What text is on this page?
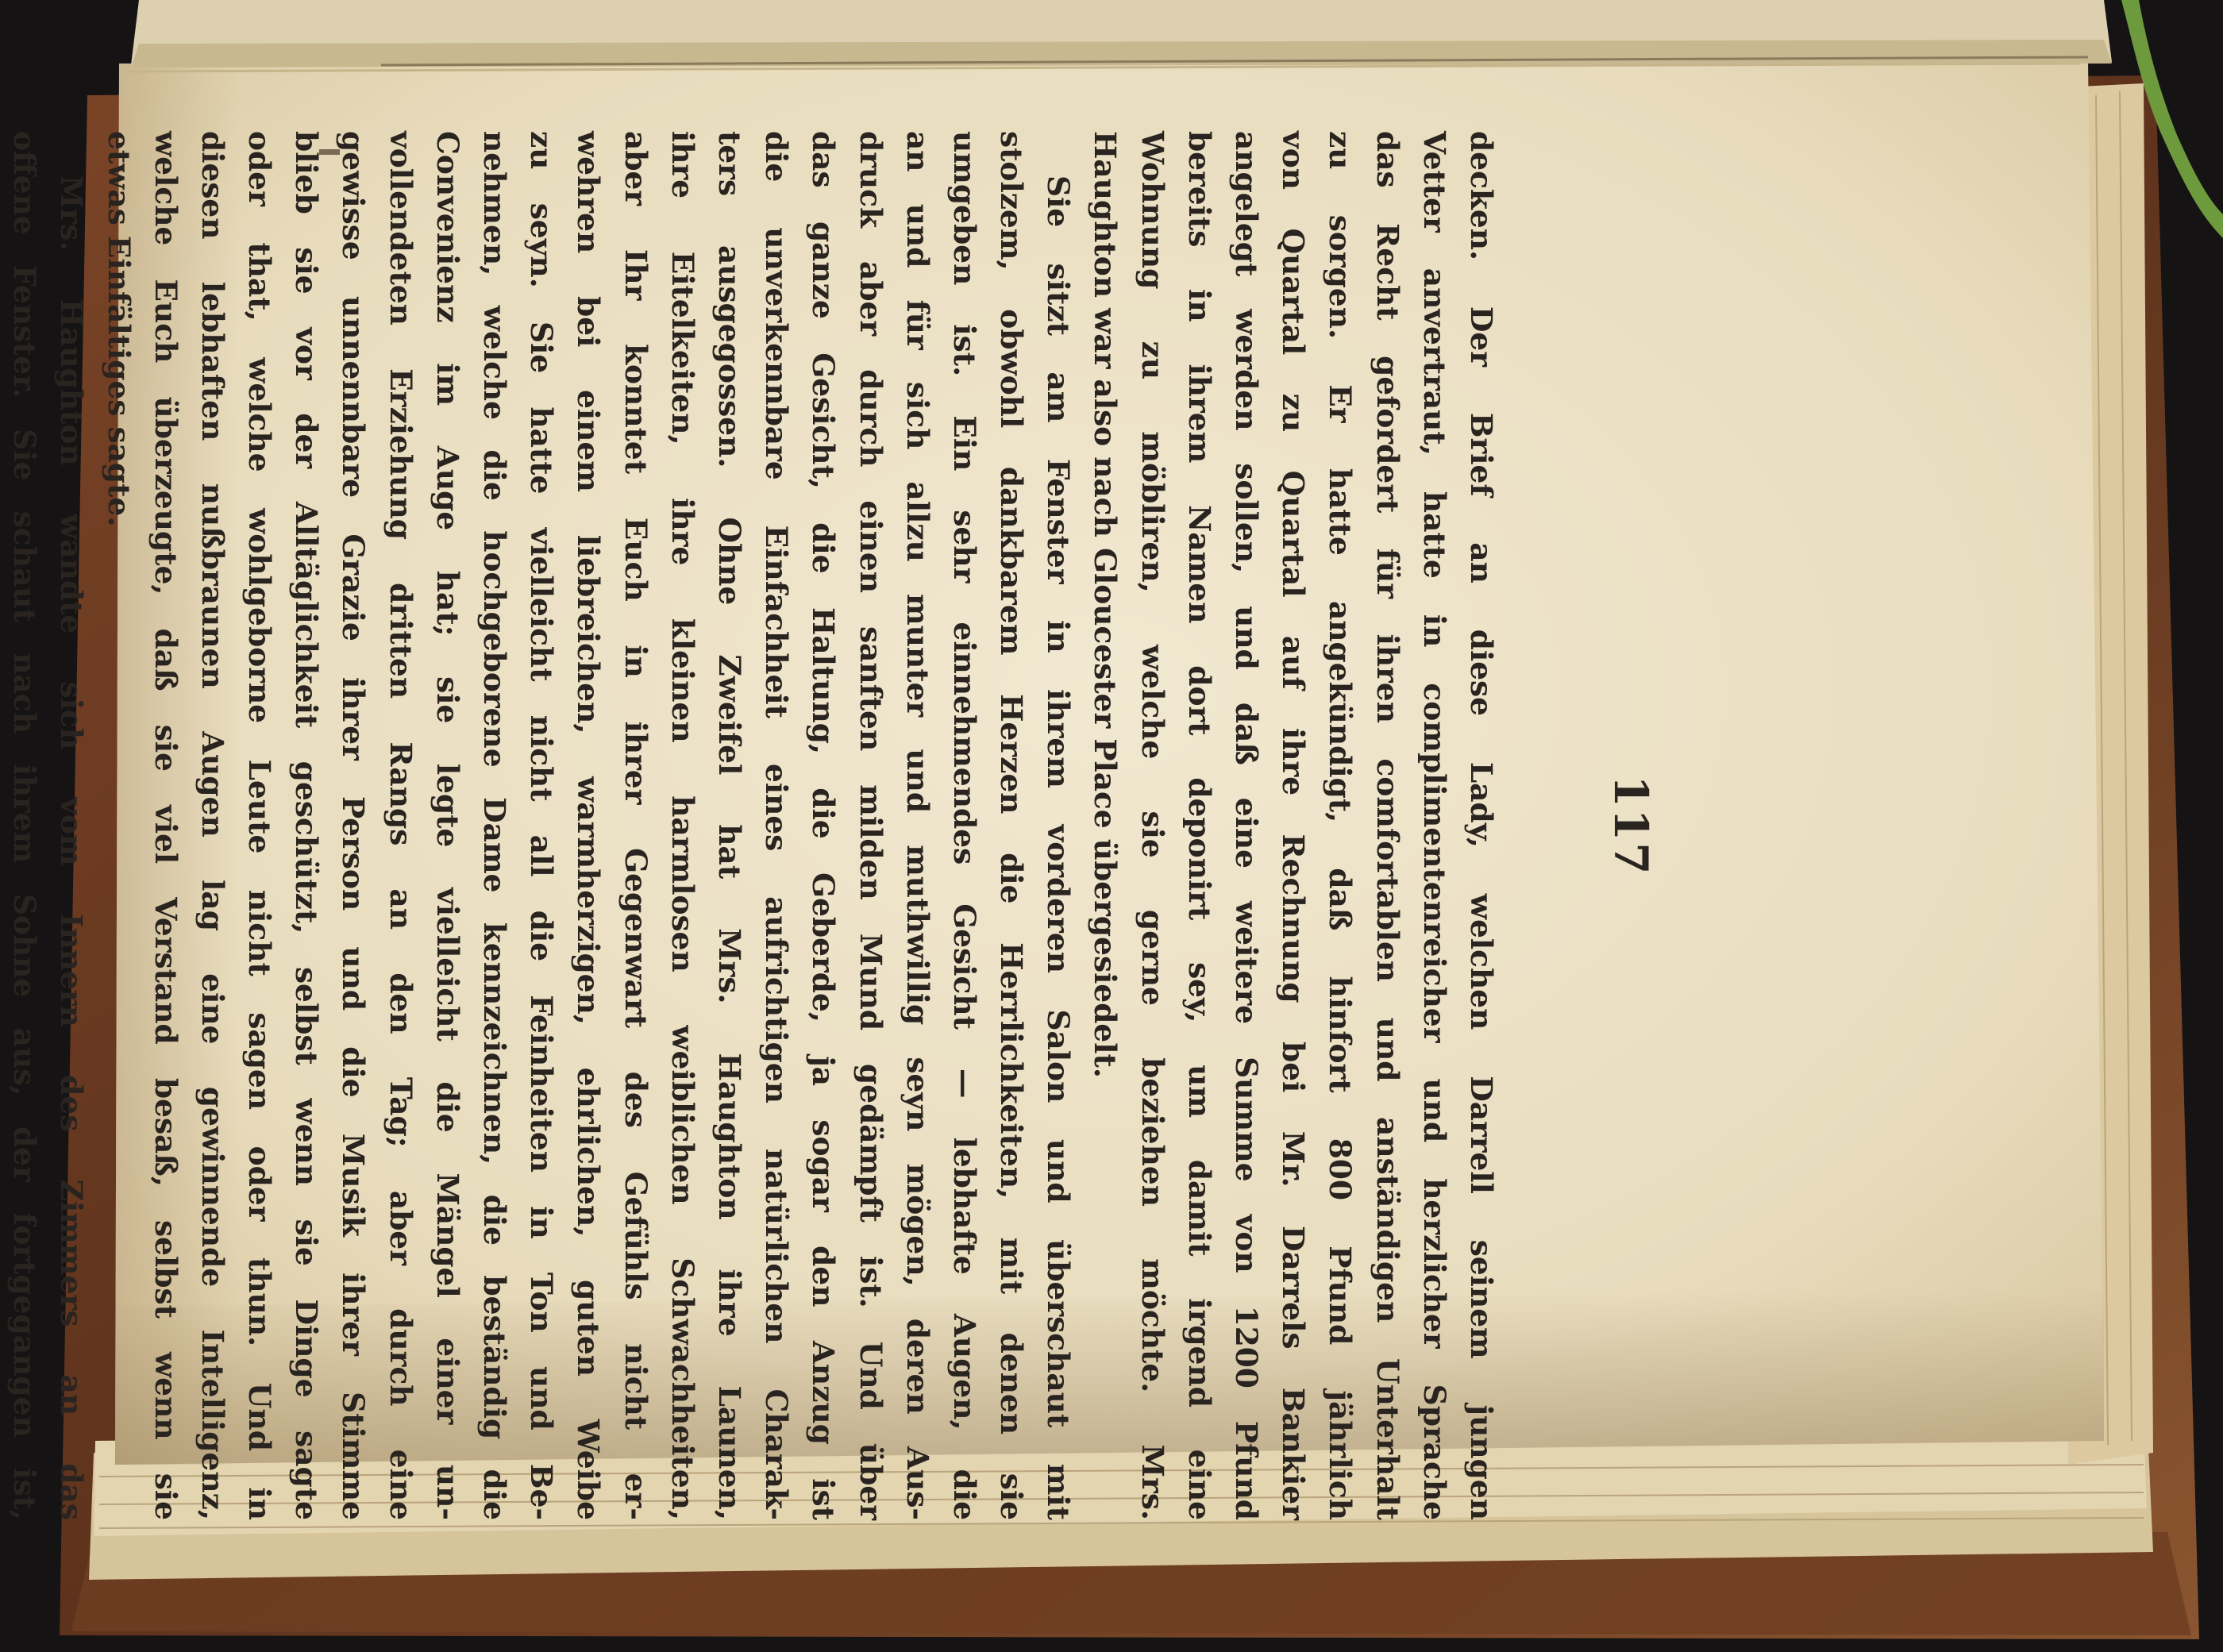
117
decken. Der Brief an diese Lady, welchen Darrell seinem jungen
Vetter anvertraut, hatte in complimentenreicher und herzlicher Sprache
das Recht gefordert für ihren comfortablen und anständigen Unterhalt
zu sorgen. Er hatte angekündigt, daß hinfort 800 Pfund jährlich
von Quartal zu Quartal auf ihre Rechnung bei Mr. Darrels Bankier
angelegt werden sollen, und daß eine weitere Summe von 1200 Pfund
bereits in ihrem Namen dort deponirt sey, um damit irgend eine
Wohnung zu möbliren, welche sie gerne beziehen möchte. Mrs.
Haughton war also nach Gloucester Place übergesiedelt.
Sie sitzt am Fenster in ihrem vorderen Salon und überschaut mit
stolzem, obwohl dankbarem Herzen die Herrlichkeiten, mit denen sie
umgeben ist. Ein sehr einnehmendes Gesicht — lebhafte Augen, die
an und für sich allzu munter und muthwillig seyn mögen, deren Aus-
druck aber durch einen sanften milden Mund gedämpft ist. Und über
das ganze Gesicht, die Haltung, die Geberde, ja sogar den Anzug ist
die unverkennbare Einfachheit eines aufrichtigen natürlichen Charak-
ters ausgegossen. Ohne Zweifel hat Mrs. Haughton ihre Launen,
ihre Eitelkeiten, ihre kleinen harmlosen weiblichen Schwachheiten,
aber Ihr konntet Euch in ihrer Gegenwart des Gefühls nicht er-
wehren bei einem liebreichen, warmherzigen, ehrlichen, guten Weibe
zu seyn. Sie hatte vielleicht nicht all die Feinheiten in Ton und Be-
nehmen, welche die hochgeborene Dame kennzeichnen, die beständig die
Convenienz im Auge hat; sie legte vielleicht die Mängel einer un-
vollendeten Erziehung dritten Rangs an den Tag; aber durch eine
gewisse unnennbare Grazie ihrer Person und die Musik ihrer Stimme
blieb sie vor der Alltäglichkeit geschützt, selbst wenn sie Dinge sagte
oder that, welche wohlgeborne Leute nicht sagen oder thun. Und in
diesen lebhaften nußbraunen Augen lag eine gewinnende Intelligenz,
welche Euch überzeugte, daß sie viel Verstand besaß, selbst wenn sie
etwas Einfältiges sagte.
Mrs. Haughton wandte sich vom Innern des Zimmers an das
offene Fenster. Sie schaut nach ihrem Sohne aus, der fortgegangen ist,
